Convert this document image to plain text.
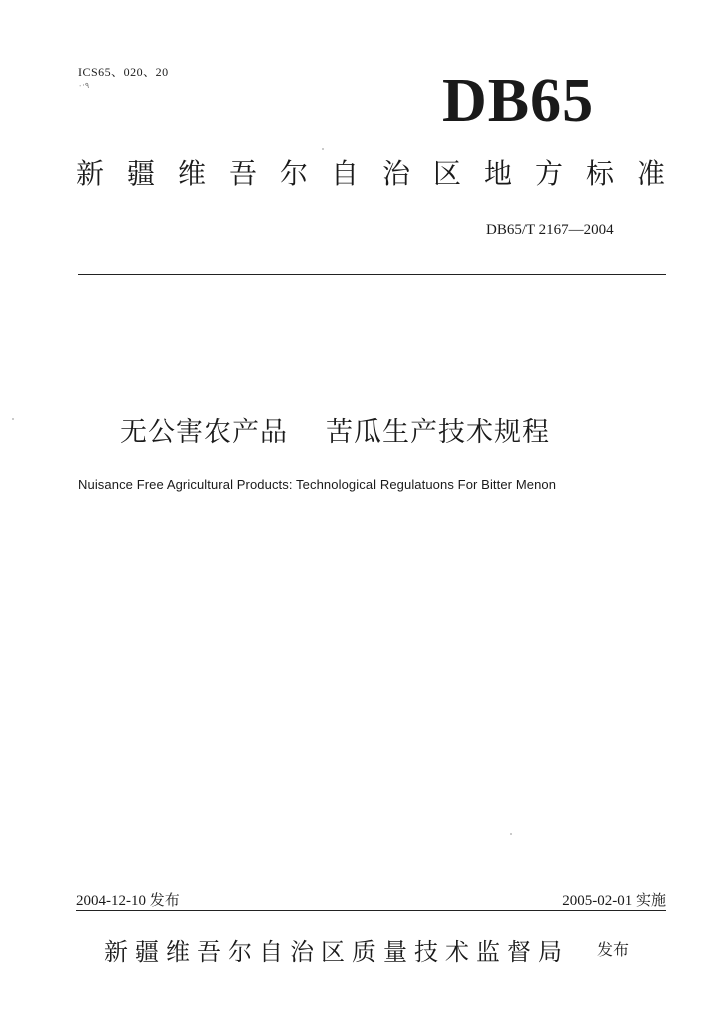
ICS65、020、20
٩·٠	DB65
新疆维吾尔自治区地方标准
DB65/T 2167—2004
无公害农产品 苦瓜生产技术规程
Nuisance Free Agricultural Products: Technological Regulatuons For Bitter Menon
2004-12-10 发布	2005-02-01 实施
新疆维吾尔自治区质量技术监督局 发布
